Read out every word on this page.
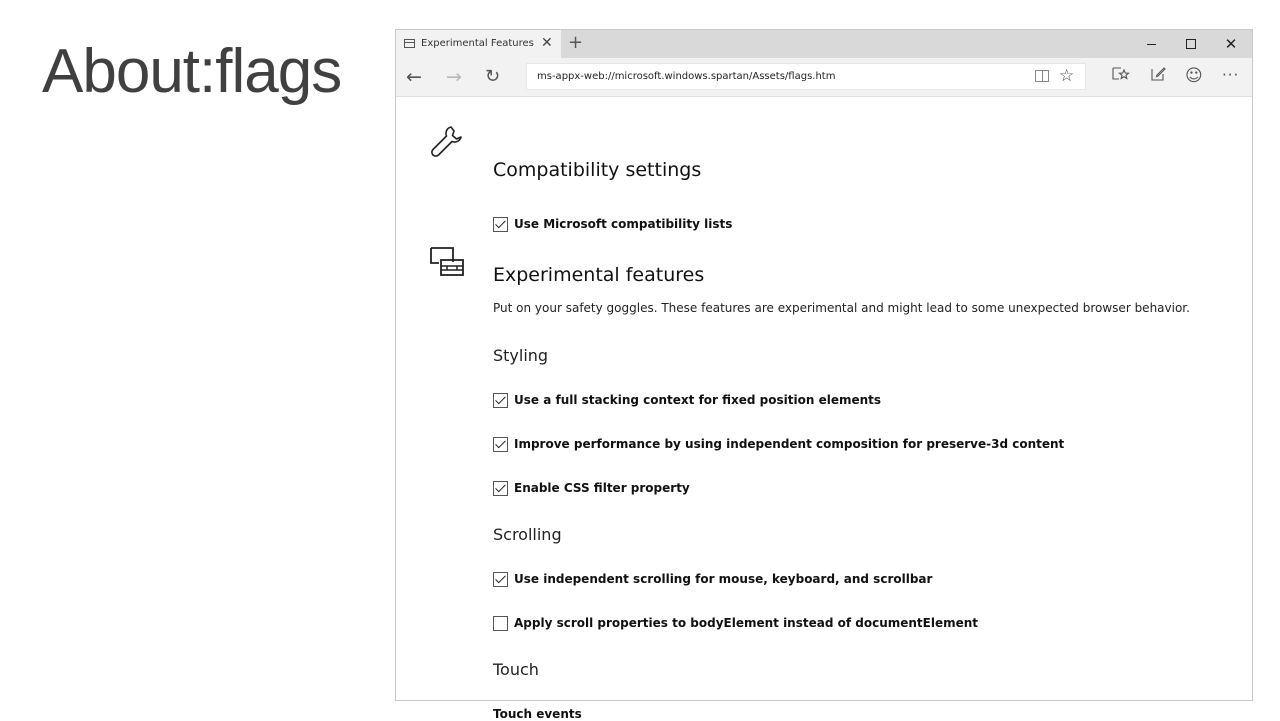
About:flags	Experimental Features ✕ +	✕
← → ↻	ms-appx-web://microsoft.windows.spartan/Assets/flags.htm	☆	☺ ···
Compatibility settings
Use Microsoft compatibility lists
Experimental features
Put on your safety goggles. These features are experimental and might lead to some unexpected browser behavior.
Styling
Use a full stacking context for fixed position elements
Improve performance by using independent composition for preserve-3d content
Enable CSS filter property
Scrolling
Use independent scrolling for mouse, keyboard, and scrollbar
Apply scroll properties to bodyElement instead of documentElement
Touch
Touch events
